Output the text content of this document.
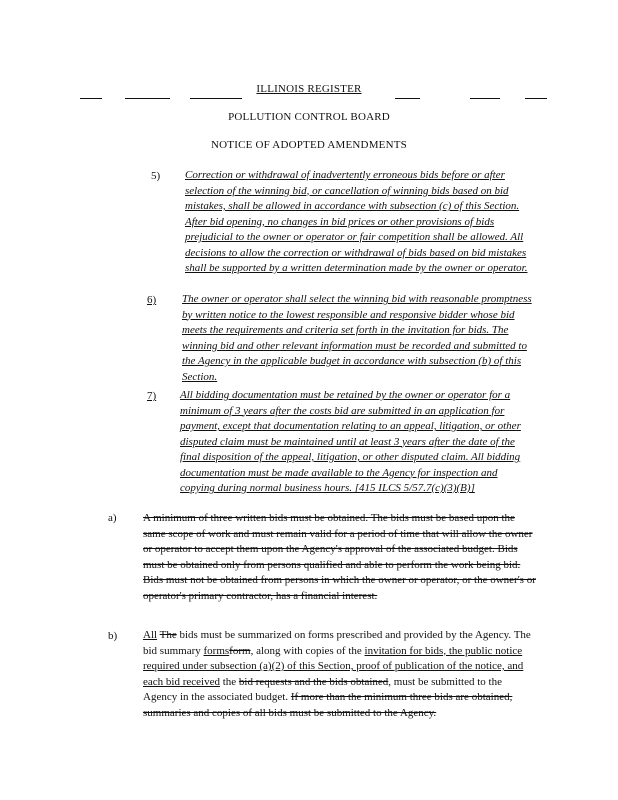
ILLINOIS REGISTER
POLLUTION CONTROL BOARD
NOTICE OF ADOPTED AMENDMENTS
5) Correction or withdrawal of inadvertently erroneous bids before or after selection of the winning bid, or cancellation of winning bids based on bid mistakes, shall be allowed in accordance with subsection (c) of this Section. After bid opening, no changes in bid prices or other provisions of bids prejudicial to the owner or operator or fair competition shall be allowed. All decisions to allow the correction or withdrawal of bids based on bid mistakes shall be supported by a written determination made by the owner or operator.
6) The owner or operator shall select the winning bid with reasonable promptness by written notice to the lowest responsible and responsive bidder whose bid meets the requirements and criteria set forth in the invitation for bids. The winning bid and other relevant information must be recorded and submitted to the Agency in the applicable budget in accordance with subsection (b) of this Section.
7) All bidding documentation must be retained by the owner or operator for a minimum of 3 years after the costs bid are submitted in an application for payment, except that documentation relating to an appeal, litigation, or other disputed claim must be maintained until at least 3 years after the date of the final disposition of the appeal, litigation, or other disputed claim. All bidding documentation must be made available to the Agency for inspection and copying during normal business hours. [415 ILCS 5/57.7(c)(3)(B)]
a) A minimum of three written bids must be obtained. The bids must be based upon the same scope of work and must remain valid for a period of time that will allow the owner or operator to accept them upon the Agency's approval of the associated budget. Bids must be obtained only from persons qualified and able to perform the work being bid. Bids must not be obtained from persons in which the owner or operator, or the owner's or operator's primary contractor, has a financial interest.
b) All The bids must be summarized on forms prescribed and provided by the Agency. The bid summary formsform, along with copies of the invitation for bids, the public notice required under subsection (a)(2) of this Section, proof of publication of the notice, and each bid received the bid requests and the bids obtained, must be submitted to the Agency in the associated budget. If more than the minimum three bids are obtained, summaries and copies of all bids must be submitted to the Agency.
